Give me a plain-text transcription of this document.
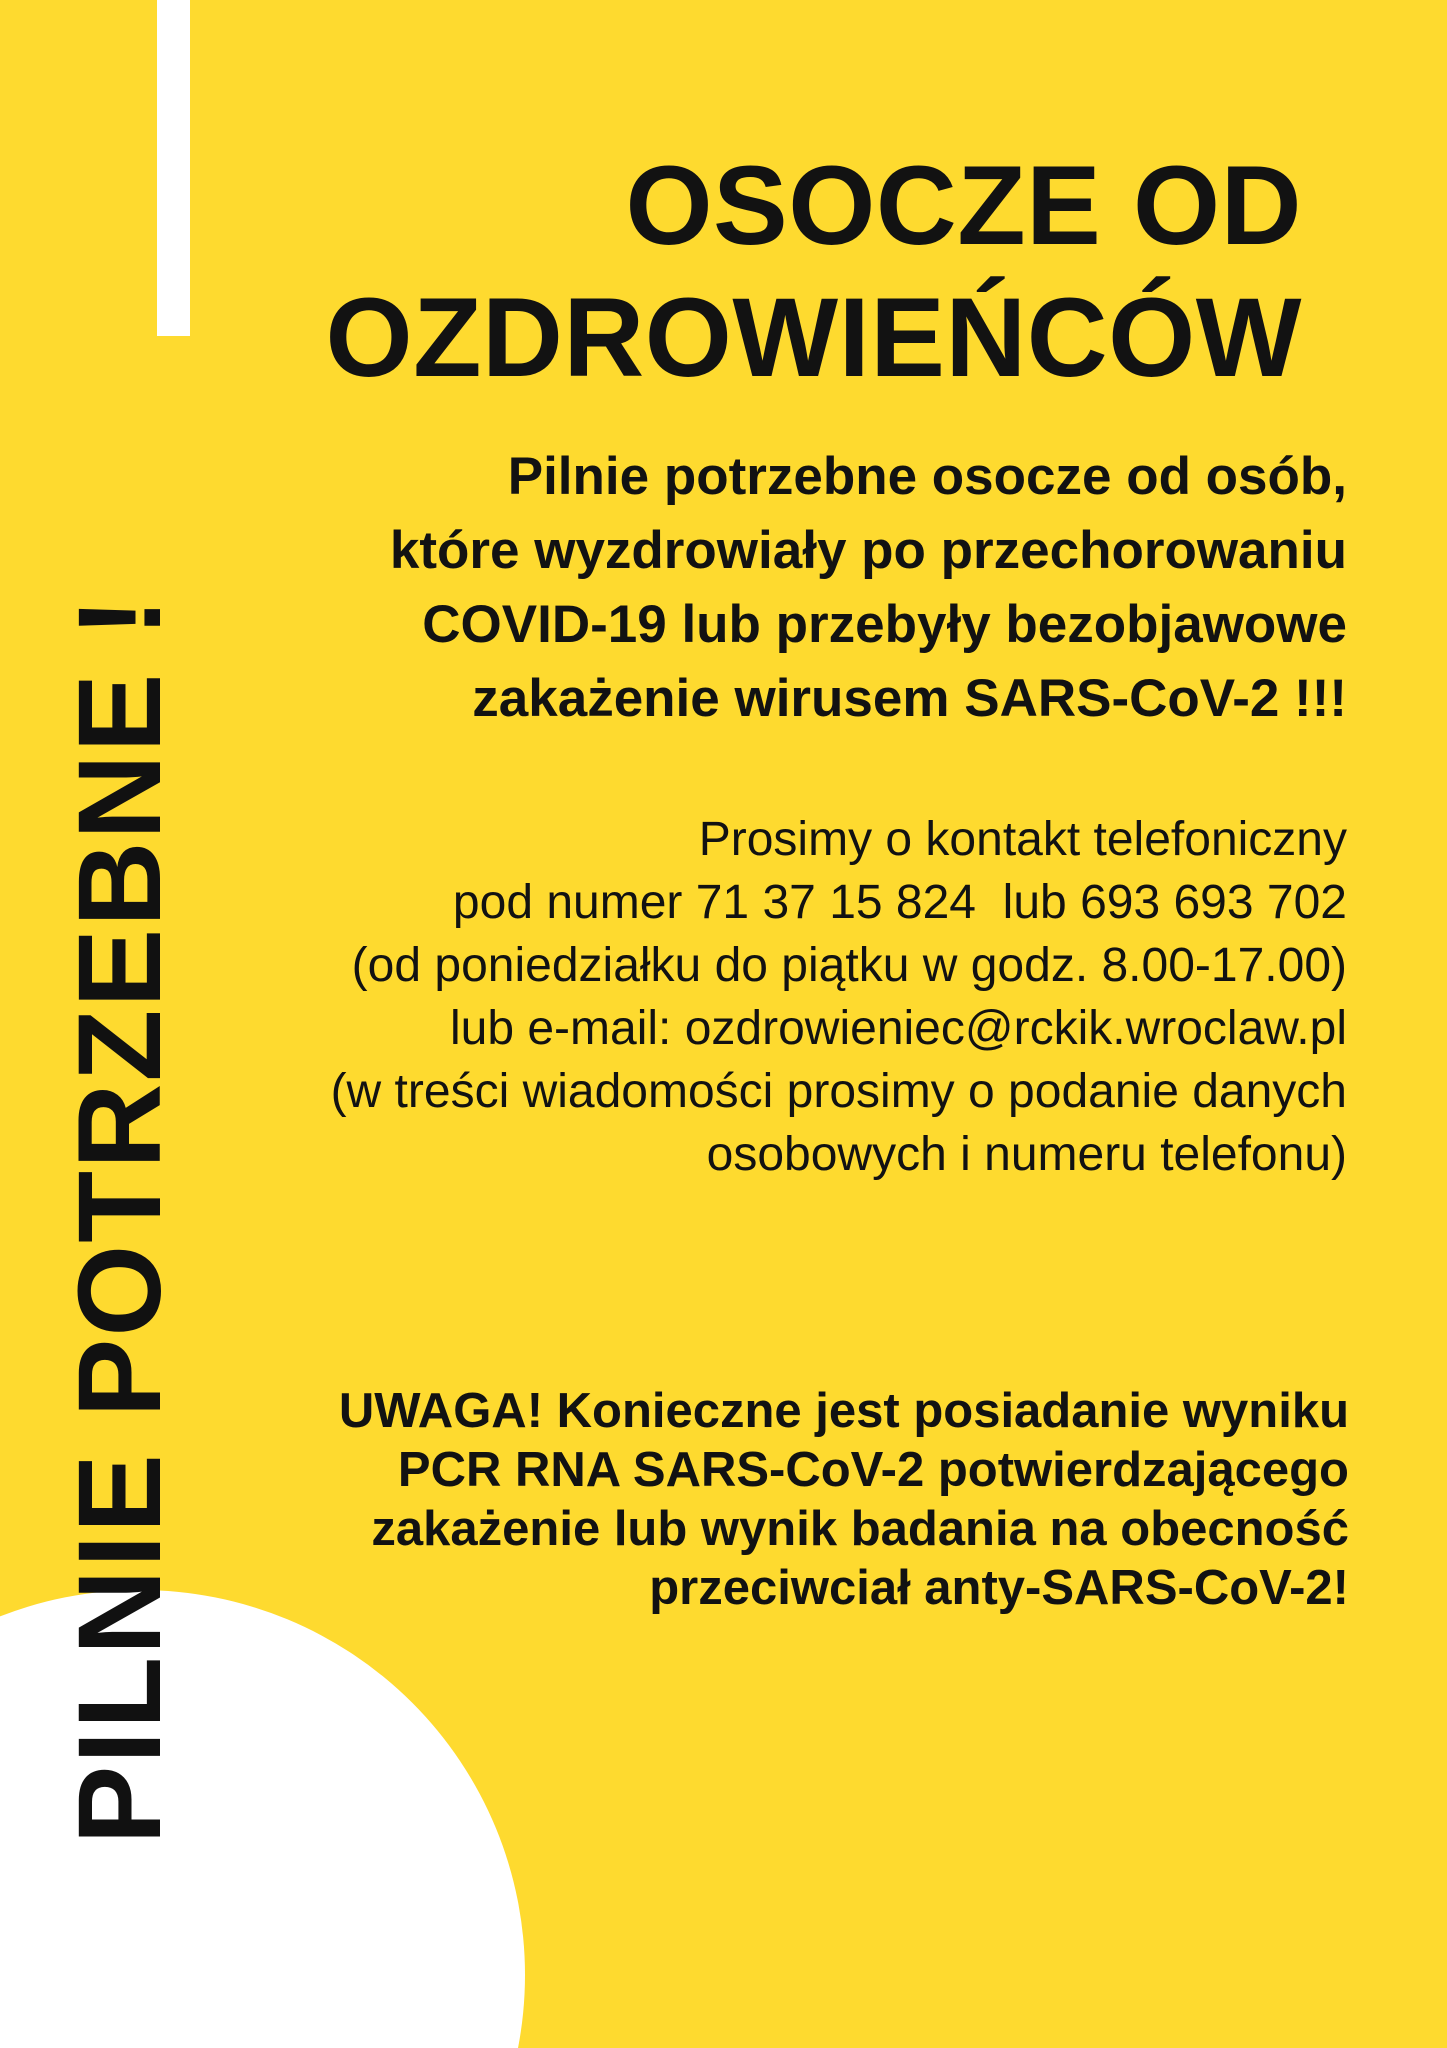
PILNIE POTRZEBNE !
OSOCZE OD
OZDROWIEŃCÓW
Pilnie potrzebne osocze od osób,
które wyzdrowiały po przechorowaniu
COVID-19 lub przebyły bezobjawowe
zakażenie wirusem SARS-CoV-2 !!!
Prosimy o kontakt telefoniczny
pod numer 71 37 15 824  lub 693 693 702
(od poniedziałku do piątku w godz. 8.00-17.00)
lub e-mail: ozdrowieniec@rckik.wroclaw.pl
(w treści wiadomości prosimy o podanie danych
osobowych i numeru telefonu)
UWAGA! Konieczne jest posiadanie wyniku
PCR RNA SARS-CoV-2 potwierdzającego
zakażenie lub wynik badania na obecność
przeciwciał anty-SARS-CoV-2!
